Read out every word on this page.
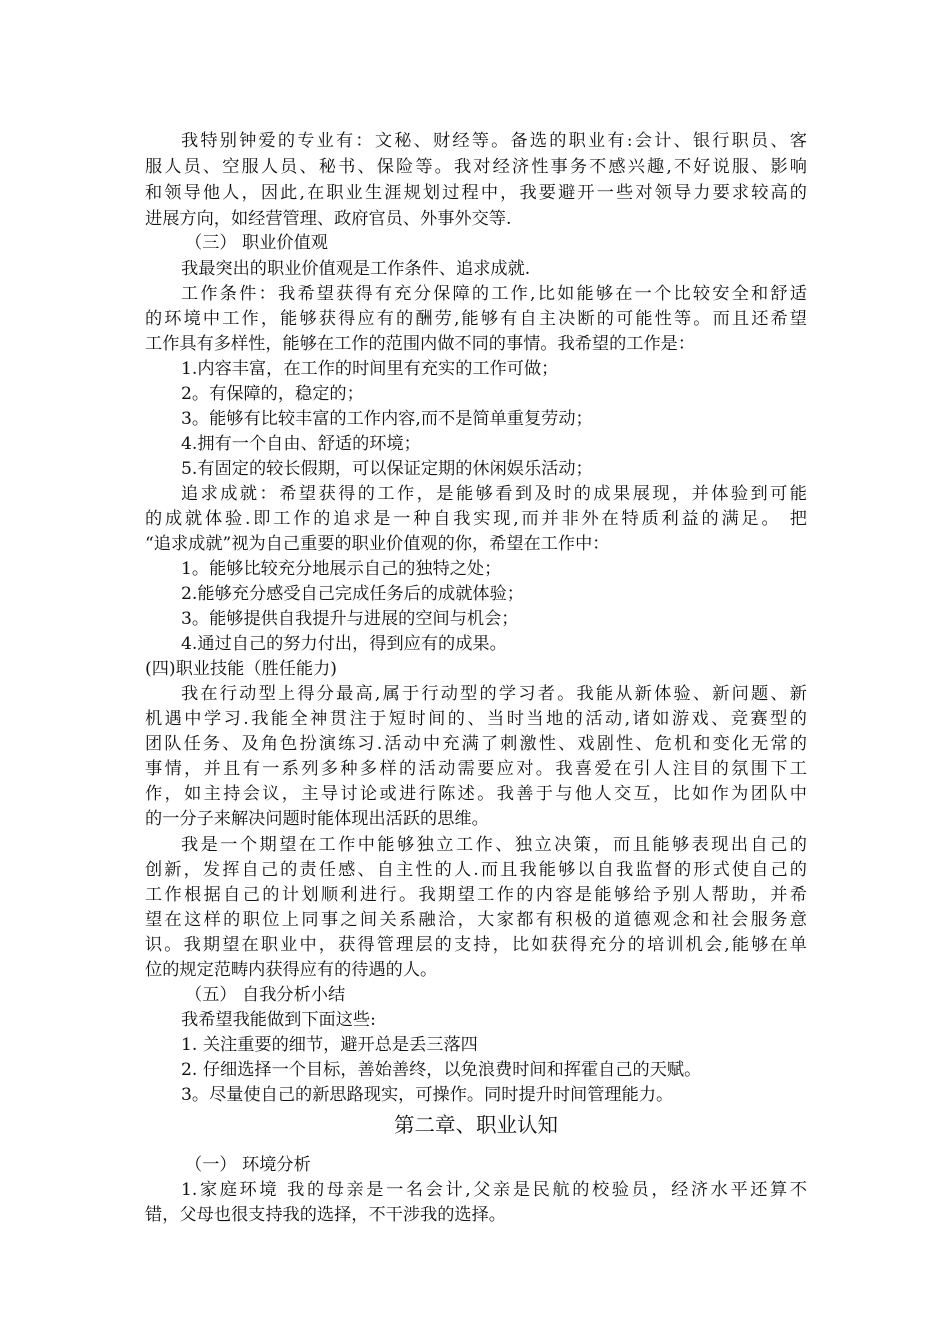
我特别钟爱的专业有：文秘、财经等。备选的职业有:会计、银行职员、客
服人员、空服人员、秘书、保险等。我对经济性事务不感兴趣,不好说服、影响
和领导他人，因此,在职业生涯规划过程中，我要避开一些对领导力要求较高的
进展方向，如经营管理、政府官员、外事外交等.
（三） 职业价值观
我最突出的职业价值观是工作条件、追求成就.
工作条件：我希望获得有充分保障的工作,比如能够在一个比较安全和舒适
的环境中工作，能够获得应有的酬劳,能够有自主决断的可能性等。而且还希望
工作具有多样性，能够在工作的范围内做不同的事情。我希望的工作是：
1.内容丰富，在工作的时间里有充实的工作可做；
2。有保障的，稳定的；
3。能够有比较丰富的工作内容,而不是简单重复劳动；
4.拥有一个自由、舒适的环境；
5.有固定的较长假期，可以保证定期的休闲娱乐活动；
追求成就：希望获得的工作，是能够看到及时的成果展现，并体验到可能
的成就体验.即工作的追求是一种自我实现,而并非外在特质利益的满足。 把
“追求成就”视为自己重要的职业价值观的你，希望在工作中：
1。能够比较充分地展示自己的独特之处；
2.能够充分感受自己完成任务后的成就体验；
3。能够提供自我提升与进展的空间与机会；
4.通过自己的努力付出，得到应有的成果。
(四)职业技能（胜任能力)
我在行动型上得分最高,属于行动型的学习者。我能从新体验、新问题、新
机遇中学习.我能全神贯注于短时间的、当时当地的活动,诸如游戏、竞赛型的
团队任务、及角色扮演练习.活动中充满了刺激性、戏剧性、危机和变化无常的
事情，并且有一系列多种多样的活动需要应对。我喜爱在引人注目的氛围下工
作，如主持会议，主导讨论或进行陈述。我善于与他人交互，比如作为团队中
的一分子来解决问题时能体现出活跃的思维。
我是一个期望在工作中能够独立工作、独立决策，而且能够表现出自己的
创新，发挥自己的责任感、自主性的人.而且我能够以自我监督的形式使自己的
工作根据自己的计划顺利进行。我期望工作的内容是能够给予别人帮助，并希
望在这样的职位上同事之间关系融洽，大家都有积极的道德观念和社会服务意
识。我期望在职业中，获得管理层的支持，比如获得充分的培训机会,能够在单
位的规定范畴内获得应有的待遇的人。
（五） 自我分析小结
我希望我能做到下面这些:
1. 关注重要的细节，避开总是丢三落四
2. 仔细选择一个目标，善始善终，以免浪费时间和挥霍自己的天赋。
3。尽量使自己的新思路现实，可操作。同时提升时间管理能力。
第二章、职业认知
（一） 环境分析
1.家庭环境 我的母亲是一名会计,父亲是民航的校验员，经济水平还算不
错，父母也很支持我的选择，不干涉我的选择。
